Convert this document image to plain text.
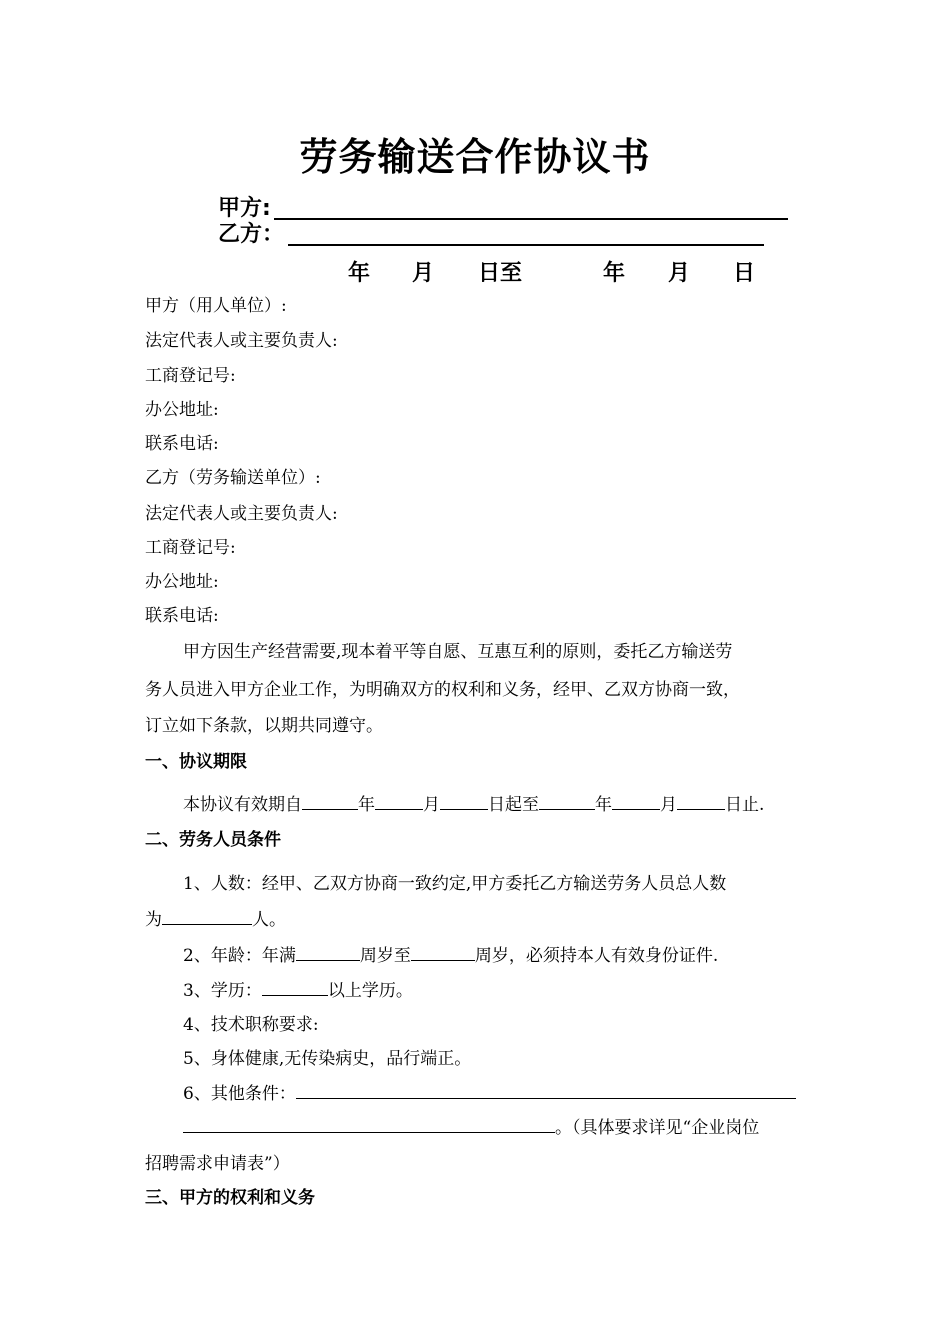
劳务输送合作协议书
甲方:
乙方：
年 月 日至	年 月 日
甲方（用人单位）:
法定代表人或主要负责人:
工商登记号:
办公地址:
联系电话:
乙方（劳务输送单位）:
法定代表人或主要负责人:
工商登记号:
办公地址:
联系电话:
甲方因生产经营需要,现本着平等自愿、互惠互利的原则，委托乙方输送劳
务人员进入甲方企业工作，为明确双方的权利和义务，经甲、乙双方协商一致，
订立如下条款，以期共同遵守。
一、协议期限
本协议有效期自	年	月	日起至	年	月	日止.
二、劳务人员条件
1、人数：经甲、乙双方协商一致约定,甲方委托乙方输送劳务人员总人数
为	人。
2、年龄：年满	周岁至	周岁，必须持本人有效身份证件.
3、学历：	以上学历。
4、技术职称要求:
5、身体健康,无传染病史，品行端正。
6、其他条件：
。（具体要求详见“企业岗位
招聘需求申请表”）
三、甲方的权利和义务
